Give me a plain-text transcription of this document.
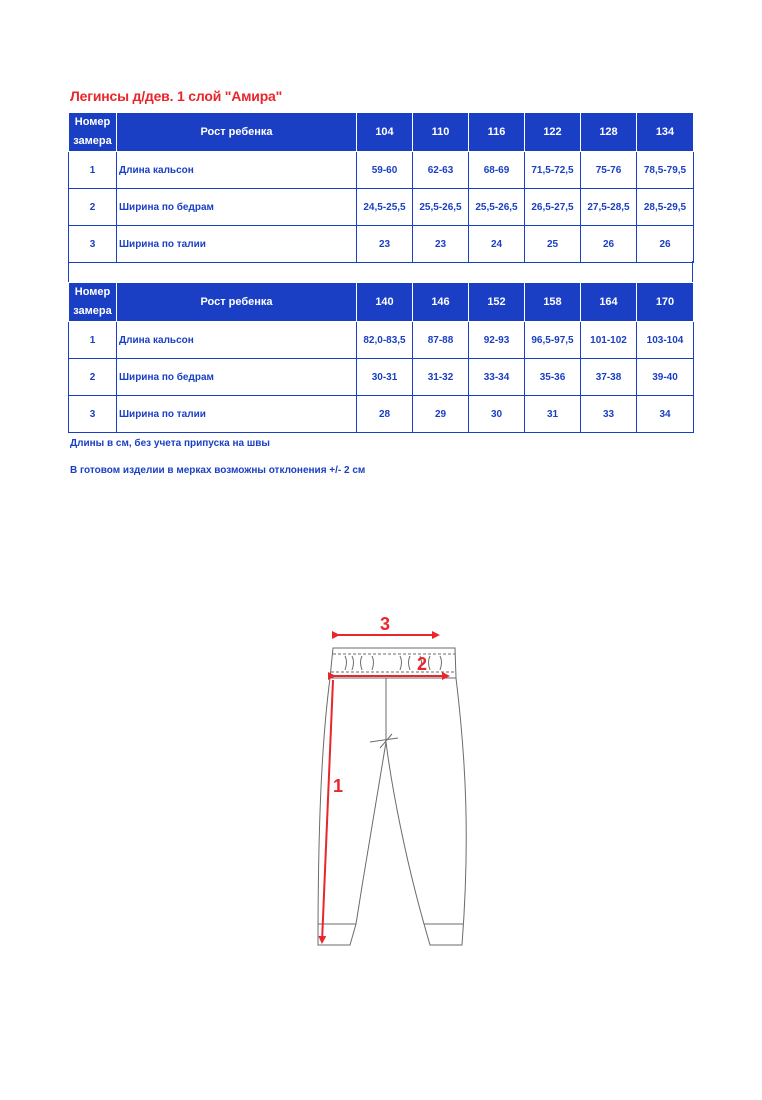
Легинсы д/дев. 1 слой "Амира"
Номер
замера	Рост ребенка	104	110	116	122	128	134
1	Длина кальсон	59-60	62-63	68-69	71,5-72,5	75-76	78,5-79,5
2	Ширина по бедрам	24,5-25,5	25,5-26,5	25,5-26,5	26,5-27,5	27,5-28,5	28,5-29,5
3	Ширина по талии	23	23	24	25	26	26
Номер
замера	Рост ребенка	140	146	152	158	164	170
1	Длина кальсон	82,0-83,5	87-88	92-93	96,5-97,5	101-102	103-104
2	Ширина по бедрам	30-31	31-32	33-34	35-36	37-38	39-40
3	Ширина по талии	28	29	30	31	33	34
Длины в см, без учета припуска на швы
В готовом изделии в мерках возможны отклонения +/- 2 см
3
2
1
